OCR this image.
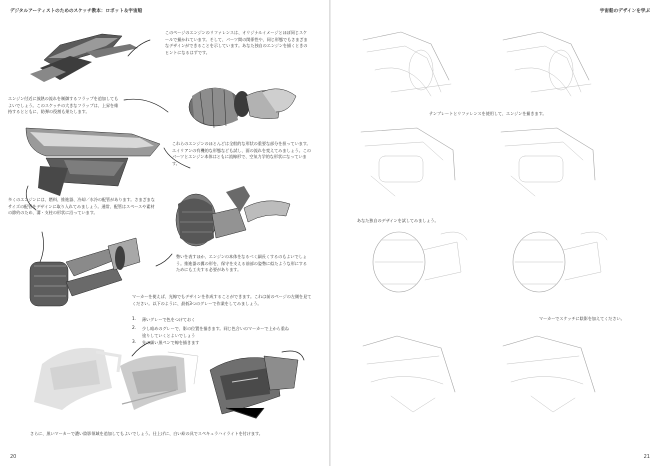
デジタルアーティストのためのスケッチ教本：ロボット＆宇宙船
このページのエンジンのリファレンスは、オリジナルイメージとほぼ同じスケールで描かれています。そして、パーツ間の関係性や、同じ形態でもさまざまなデザインができることを示しています。あなた独自のエンジンを描くときのヒントになるはずです。
エンジン付近に放熱の流れを制御するフラップを追加してもよいでしょう。このスケッチの大きなフラップは、上昇を維持するとともに、防弾の役割も果たします。
これらのエンジンのほとんどは全般的な形状の重要な部分を担っています。エイリアンの有機的な形態なども試し、面の流れを変えてみましょう。このパーツとエンジン本体はともに流線形で、空気力学的な形状になっています。
多くのエンジンには、燃料、推進器、冷却／水冷の配管があります。さまざまなサイズの配管をデザインに取り入れてみましょう。通常、配管はスペースや素材の節約のため、溝・支柱の形状に沿っています。
勢いを表すほか、エンジンの本体をなるべく細長くするのもよいでしょう。推進器の翼の形を、保守を支える前部の姿勢に似たような形にするためにも工夫する必要があります。
マーカーを使えば、光線でもデザインを作成することができます。これは前のページの左側を見てください。以下のように、最低3つのグレーで作業をしてみましょう。
1. 薄いグレーで色をつけておく
2. 少し暗めのグレーで、影の位置を描きます。同じ色合いのマーカーで上から重ね塗りしていくとよいでしょう
3. 先の細い黒ペンで線を描きます
さらに、黒いマーカーで濃い陰影領域を追加してもよいでしょう。仕上げに、白い絵の具でスペキュラハイライトを付けます。
20
宇宙船のデザインを学ぶ
テンプレートとリファレンスを使用して、エンジンを描きます。
あなた独自のデザインを試してみましょう。
マーカーでスケッチに陰影を加えてください。
21
